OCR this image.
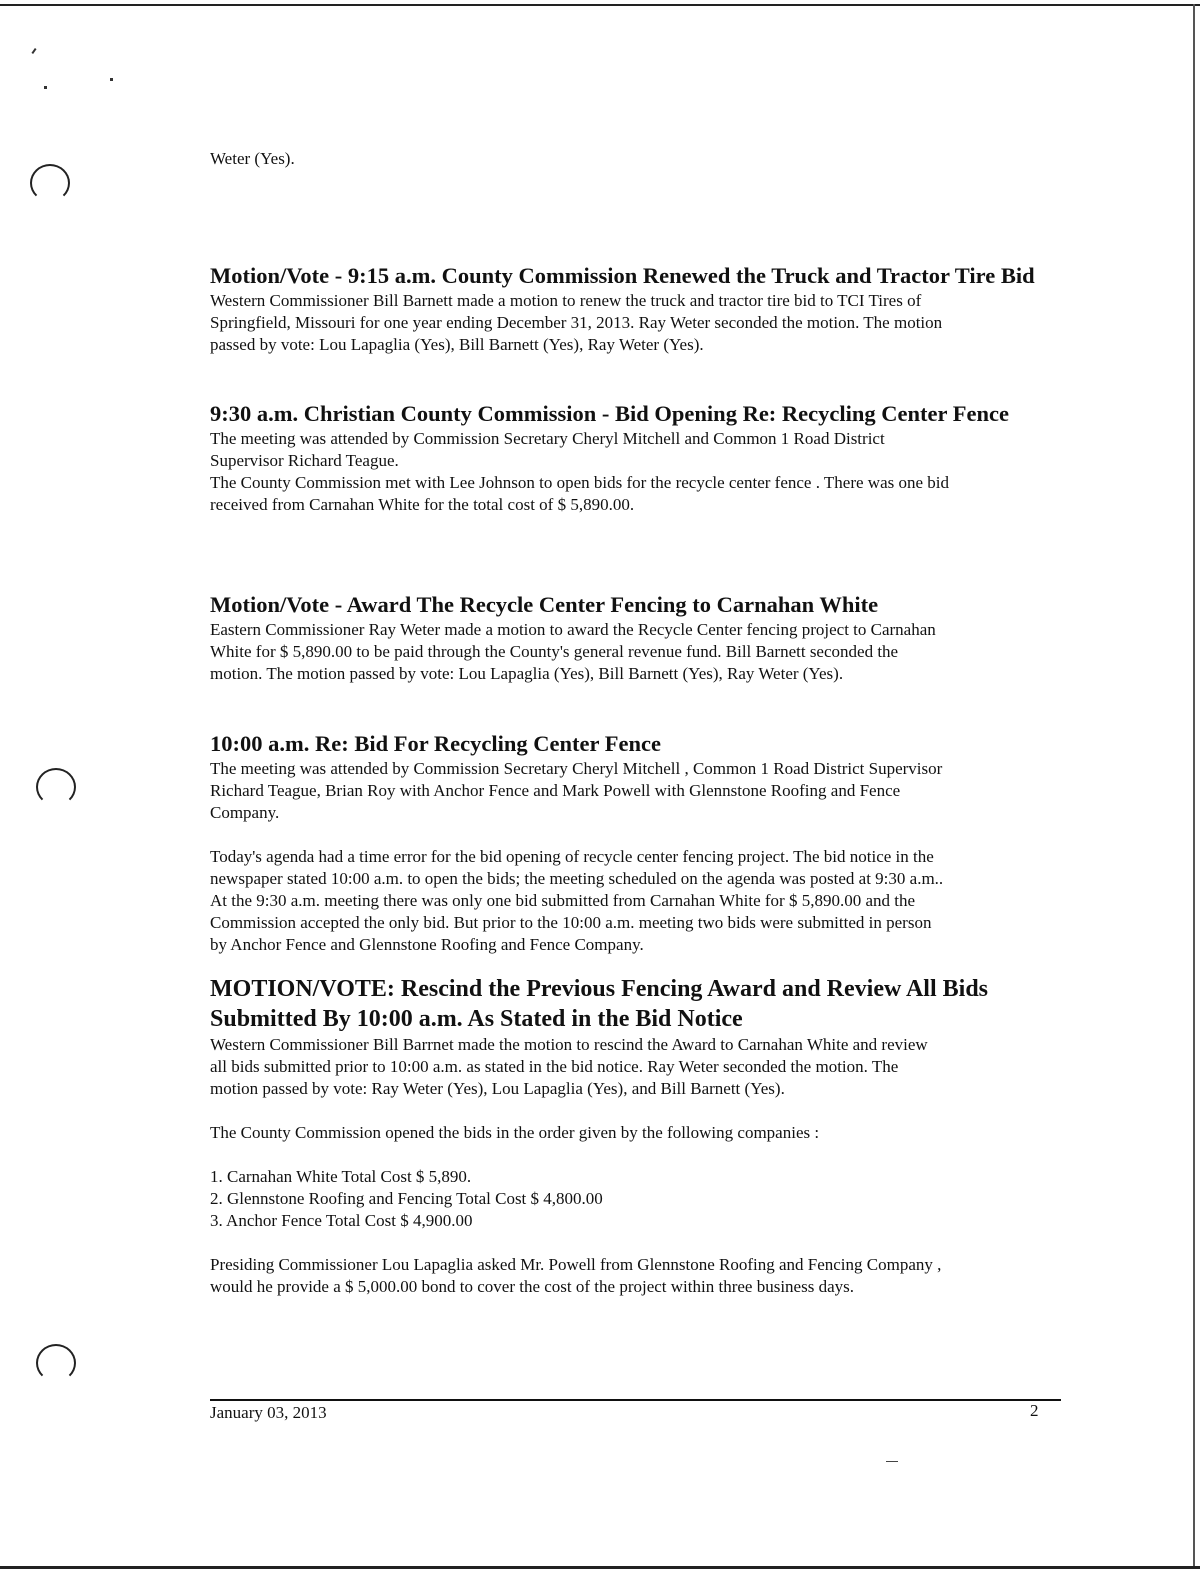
Weter (Yes).

Motion/Vote - 9:15 a.m. County Commission Renewed the Truck and Tractor Tire Bid

Western Commissioner Bill Barnett made a motion to renew the truck and tractor tire bid to TCI Tires of

Springfield, Missouri for one year ending December 31, 2013. Ray Weter seconded the motion. The motion

passed by vote: Lou Lapaglia (Yes), Bill Barnett (Yes), Ray Weter (Yes).

9:30 a.m. Christian County Commission - Bid Opening Re: Recycling Center Fence

The meeting was attended by Commission Secretary Cheryl Mitchell and Common 1 Road District

Supervisor Richard Teague.

The County Commission met with Lee Johnson to open bids for the recycle center fence . There was one bid

received from Carnahan White for the total cost of $ 5,890.00.

Motion/Vote - Award The Recycle Center Fencing to Carnahan White

Eastern Commissioner Ray Weter made a motion to award the Recycle Center fencing project to Carnahan

White for $ 5,890.00 to be paid through the County's general revenue fund. Bill Barnett seconded the

motion. The motion passed by vote: Lou Lapaglia (Yes), Bill Barnett (Yes), Ray Weter (Yes).

10:00 a.m. Re: Bid For Recycling Center Fence

The meeting was attended by Commission Secretary Cheryl Mitchell , Common 1 Road District Supervisor

Richard Teague, Brian Roy with Anchor Fence and Mark Powell with Glennstone Roofing and Fence

Company.

Today's agenda had a time error for the bid opening of recycle center fencing project. The bid notice in the

newspaper stated 10:00 a.m. to open the bids; the meeting scheduled on the agenda was posted at 9:30 a.m..

At the 9:30 a.m. meeting there was only one bid submitted from Carnahan White for $ 5,890.00 and the

Commission accepted the only bid. But prior to the 10:00 a.m. meeting two bids were submitted in person

by Anchor Fence and Glennstone Roofing and Fence Company.

MOTION/VOTE: Rescind the Previous Fencing Award and Review All Bids
Submitted By 10:00 a.m. As Stated in the Bid Notice

Western Commissioner Bill Barrnet made the motion to rescind the Award to Carnahan White and review

all bids submitted prior to 10:00 a.m. as stated in the bid notice. Ray Weter seconded the motion. The

motion passed by vote: Ray Weter (Yes), Lou Lapaglia (Yes), and Bill Barnett (Yes).

The County Commission opened the bids in the order given by the following companies :

1. Carnahan White Total Cost $ 5,890.

2. Glennstone Roofing and Fencing Total Cost $ 4,800.00

3. Anchor Fence Total Cost $ 4,900.00

Presiding Commissioner Lou Lapaglia asked Mr. Powell from Glennstone Roofing and Fencing Company ,

would he provide a $ 5,000.00 bond to cover the cost of the project within three business days.

January 03, 2013	2
